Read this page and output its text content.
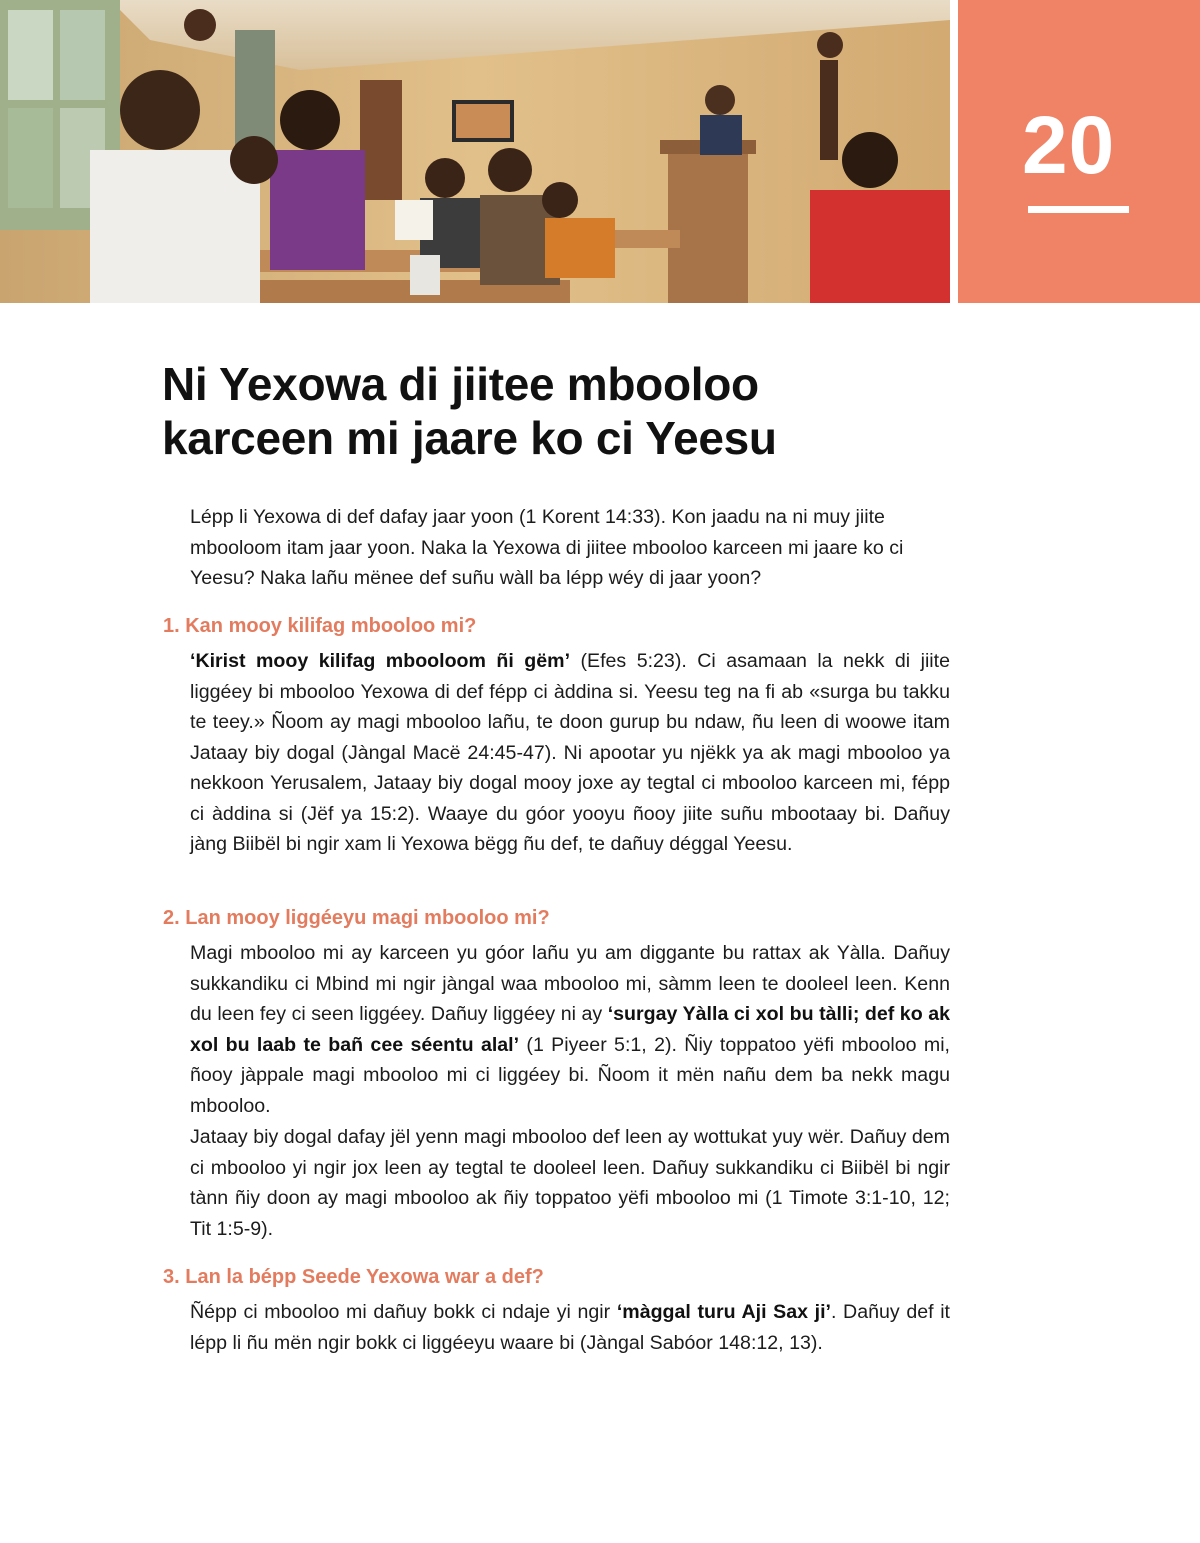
20
Ni Yexowa di jiitee mbooloo
karceen mi jaare ko ci Yeesu

Lépp li Yexowa di def dafay jaar yoon (1 Korent 14:33). Kon jaadu na ni muy jiite mbooloom itam jaar yoon. Naka la Yexowa di jiitee mbooloo karceen mi jaare ko ci Yeesu? Naka lañu mënee def suñu wàll ba lépp wéy di jaar yoon?

1. Kan mooy kilifag mbooloo mi?

‘Kirist mooy kilifag mbooloom ñi gëm’ (Efes 5:23). Ci asamaan la nekk di jiite liggéey bi mbooloo Yexowa di def fépp ci àddina si. Yeesu teg na fi ab «surga bu takku te teey.» Ñoom ay magi mbooloo lañu, te doon gurup bu ndaw, ñu leen di woowe itam Jataay biy dogal (Jàngal Macë 24:45-47). Ni apootar yu njëkk ya ak magi mbooloo ya nekkoon Yerusalem, Jataay biy dogal mooy joxe ay tegtal ci mbooloo karceen mi, fépp ci àddina si (Jëf ya 15:2). Waaye du góor yooyu ñooy jiite suñu mbootaay bi. Dañuy jàng Biibël bi ngir xam li Yexowa bëgg ñu def, te dañuy déggal Yeesu.

2. Lan mooy liggéeyu magi mbooloo mi?

Magi mbooloo mi ay karceen yu góor lañu yu am diggante bu rattax ak Yàlla. Dañuy sukkandiku ci Mbind mi ngir jàngal waa mbooloo mi, sàmm leen te dooleel leen. Kenn du leen fey ci seen liggéey. Dañuy liggéey ni ay ‘surgay Yàlla ci xol bu tàlli; def ko ak xol bu laab te bañ cee séentu alal’ (1 Piyeer 5:1, 2). Ñiy toppatoo yëfi mbooloo mi, ñooy jàppale magi mbooloo mi ci liggéey bi. Ñoom it mën nañu dem ba nekk magu mbooloo.

Jataay biy dogal dafay jël yenn magi mbooloo def leen ay wottukat yuy wër. Dañuy dem ci mbooloo yi ngir jox leen ay tegtal te dooleel leen. Dañuy sukkandiku ci Biibël bi ngir tànn ñiy doon ay magi mbooloo ak ñiy toppatoo yëfi mbooloo mi (1 Timote 3:1-10, 12; Tit 1:5-9).

3. Lan la bépp Seede Yexowa war a def?

Ñépp ci mbooloo mi dañuy bokk ci ndaje yi ngir ‘màggal turu Aji Sax ji’. Dañuy def it lépp li ñu mën ngir bokk ci liggéeyu waare bi (Jàngal Sabóor 148:12, 13).
